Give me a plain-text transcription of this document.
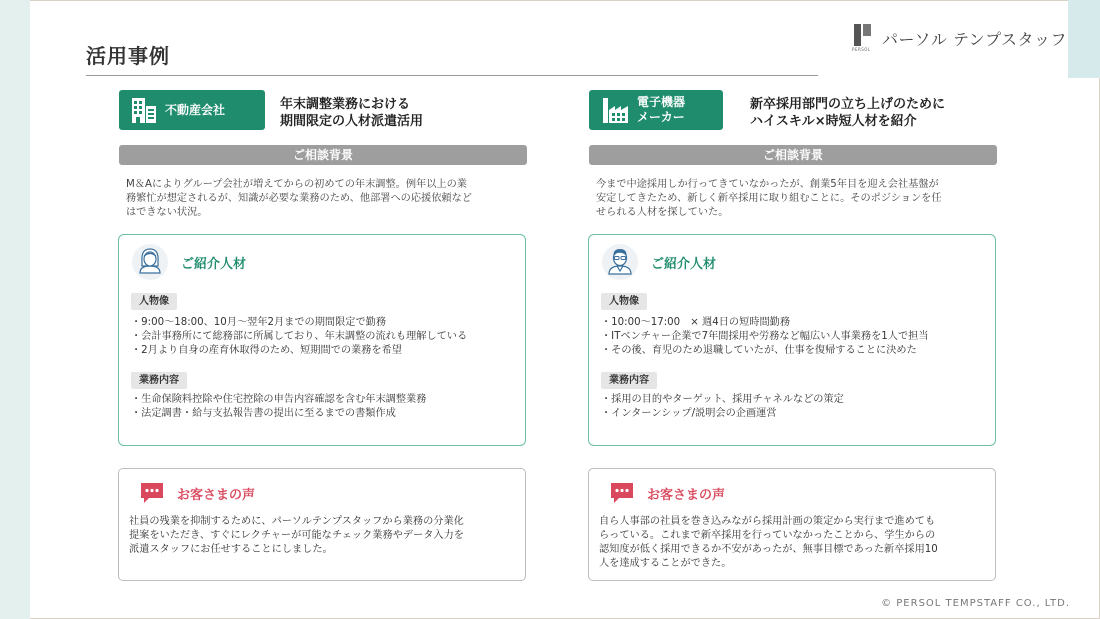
活用事例	PERSOL
パーソル テンプスタッフ
不動産会社	年末調整業務における
期間限定の人材派遣活用
ご相談背景
M＆Aによりグループ会社が増えてからの初めての年末調整。例年以上の業
務繁忙が想定されるが、知識が必要な業務のため、他部署への応援依頼など
はできない状況。
ご紹介人材
人物像
・9:00～18:00、10月～翌年2月までの期間限定で勤務
・会計事務所にて総務部に所属しており、年末調整の流れも理解している
・2月より自身の産育休取得のため、短期間での業務を希望
業務内容
・生命保険料控除や住宅控除の申告内容確認を含む年末調整業務
・法定調書・給与支払報告書の提出に至るまでの書類作成
お客さまの声
社員の残業を抑制するために、パーソルテンプスタッフから業務の分業化
提案をいただき、すぐにレクチャーが可能なチェック業務やデータ入力を
派遣スタッフにお任せすることにしました。
電子機器
メーカー
新卒採用部門の立ち上げのために
ハイスキル×時短人材を紹介
ご相談背景
今まで中途採用しか行ってきていなかったが、創業5年目を迎え会社基盤が
安定してきたため、新しく新卒採用に取り組むことに。そのポジションを任
せられる人材を探していた。
ご紹介人材
人物像
・10:00～17:00　× 週4日の短時間勤務
・ITベンチャー企業で7年間採用や労務など幅広い人事業務を1人で担当
・その後、育児のため退職していたが、仕事を復帰することに決めた
業務内容
・採用の目的やターゲット、採用チャネルなどの策定
・インターンシップ/説明会の企画運営
お客さまの声
自ら人事部の社員を巻き込みながら採用計画の策定から実行まで進めても
らっている。これまで新卒採用を行っていなかったことから、学生からの
認知度が低く採用できるか不安があったが、無事目標であった新卒採用10
人を達成することができた。
© PERSOL TEMPSTAFF CO., LTD.
